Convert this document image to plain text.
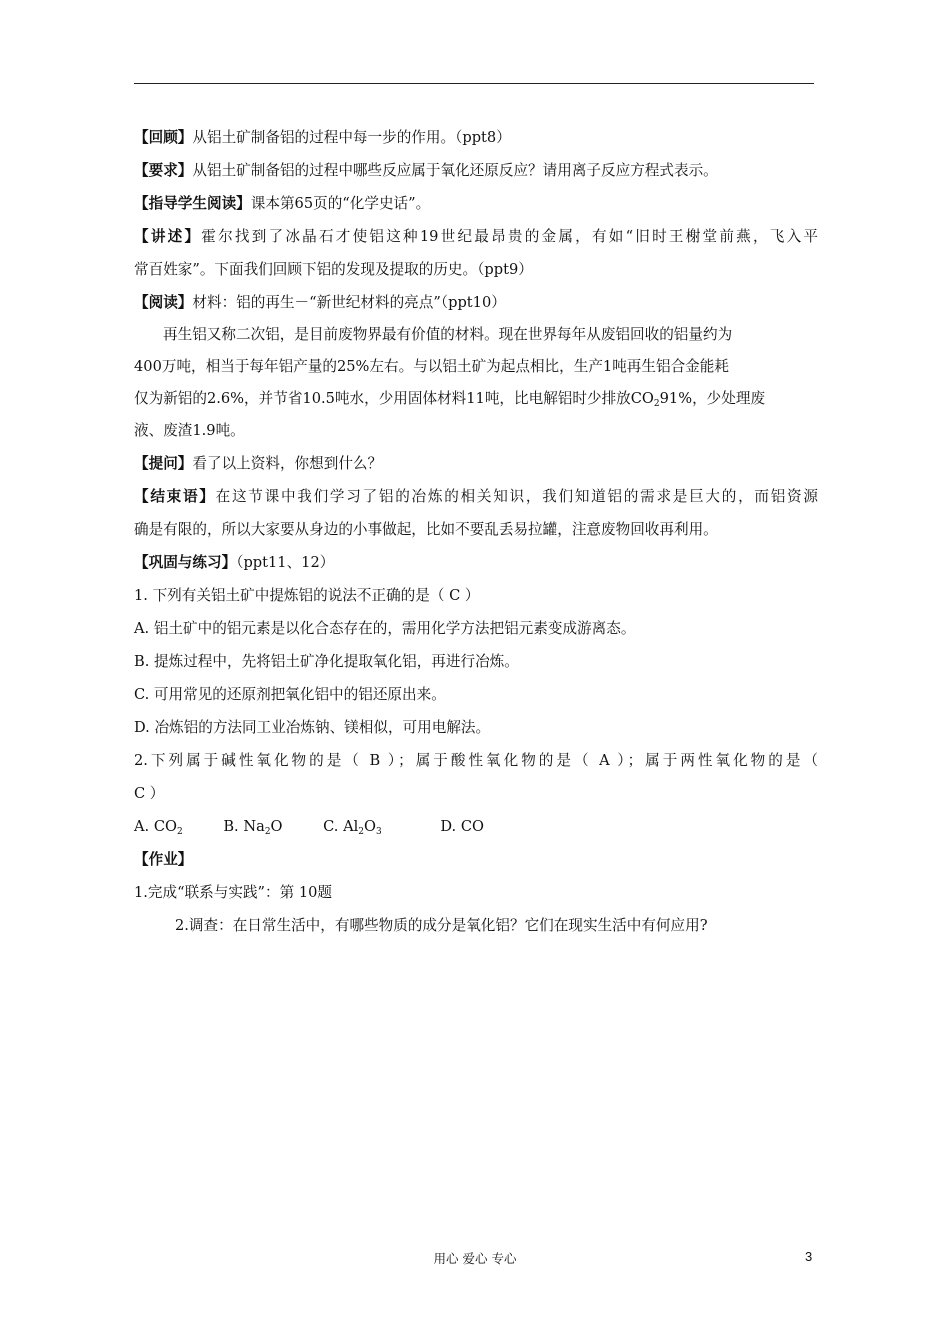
【回顾】从铝土矿制备铝的过程中每一步的作用。（ppt8）
【要求】从铝土矿制备铝的过程中哪些反应属于氧化还原反应？请用离子反应方程式表示。
【指导学生阅读】课本第65页的“化学史话”。
【讲述】霍尔找到了冰晶石才使铝这种19世纪最昂贵的金属，有如“旧时王榭堂前燕，飞入平
常百姓家”。下面我们回顾下铝的发现及提取的历史。（ppt9）
【阅读】材料：铝的再生－“新世纪材料的亮点”（ppt10）
再生铝又称二次铝，是目前废物界最有价值的材料。现在世界每年从废铝回收的铝量约为
400万吨，相当于每年铝产量的25%左右。与以铝土矿为起点相比，生产1吨再生铝合金能耗
仅为新铝的2.6%，并节省10.5吨水，少用固体材料11吨，比电解铝时少排放$CO_291\%$，少处理废
液、废渣1.9吨。
【提问】看了以上资料，你想到什么？
【结束语】在这节课中我们学习了铝的冶炼的相关知识，我们知道铝的需求是巨大的，而铝资源
确是有限的，所以大家要从身边的小事做起，比如不要乱丢易拉罐，注意废物回收再利用。
【巩固与练习】（ppt11、12）
1. 下列有关铝土矿中提炼铝的说法不正确的是（ C ）
A. 铝土矿中的铝元素是以化合态存在的，需用化学方法把铝元素变成游离态。
B. 提炼过程中，先将铝土矿净化提取氧化铝，再进行冶炼。
C. 可用常见的还原剂把氧化铝中的铝还原出来。
D. 冶炼铝的方法同工业冶炼钠、镁相似，可用电解法。
2.下列属于碱性氧化物的是（ B ）；属于酸性氧化物的是（ A ）；属于两性氧化物的是（
C ）
A. $CO_2$	B. $Na_2O$	C. $Al_2O_3$	D. CO
【作业】
1.完成“联系与实践”：第 10题
2.调查：在日常生活中，有哪些物质的成分是氧化铝？它们在现实生活中有何应用?
用心 爱心 专心	3
